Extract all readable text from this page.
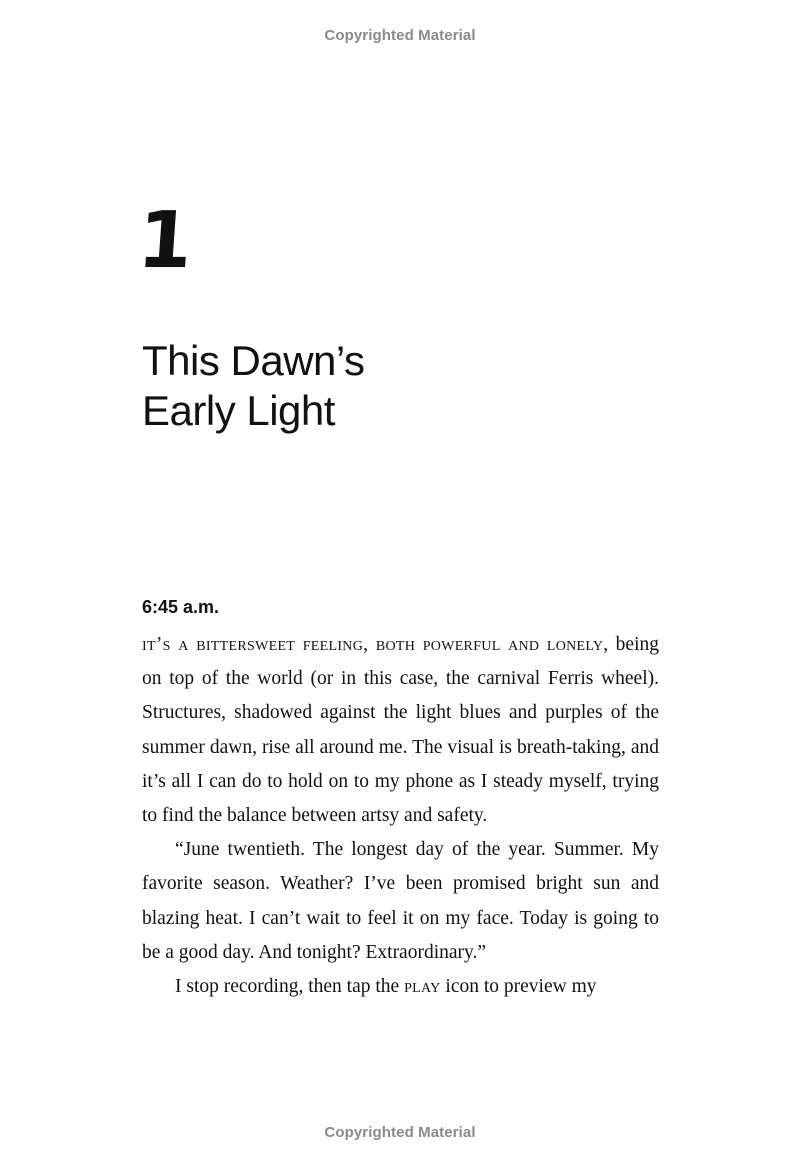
Copyrighted Material
1
This Dawn’s
Early Light
6:45 a.m.

it’s a bittersweet feeling, both powerful and lonely, being on top of the world (or in this case, the carnival Ferris wheel). Structures, shadowed against the light blues and purples of the summer dawn, rise all around me. The visual is breath-taking, and it’s all I can do to hold on to my phone as I steady myself, trying to find the balance between artsy and safety.

“June twentieth. The longest day of the year. Summer. My favorite season. Weather? I’ve been promised bright sun and blazing heat. I can’t wait to feel it on my face. Today is going to be a good day. And tonight? Extraordinary.”

I stop recording, then tap the play icon to preview my

Copyrighted Material
